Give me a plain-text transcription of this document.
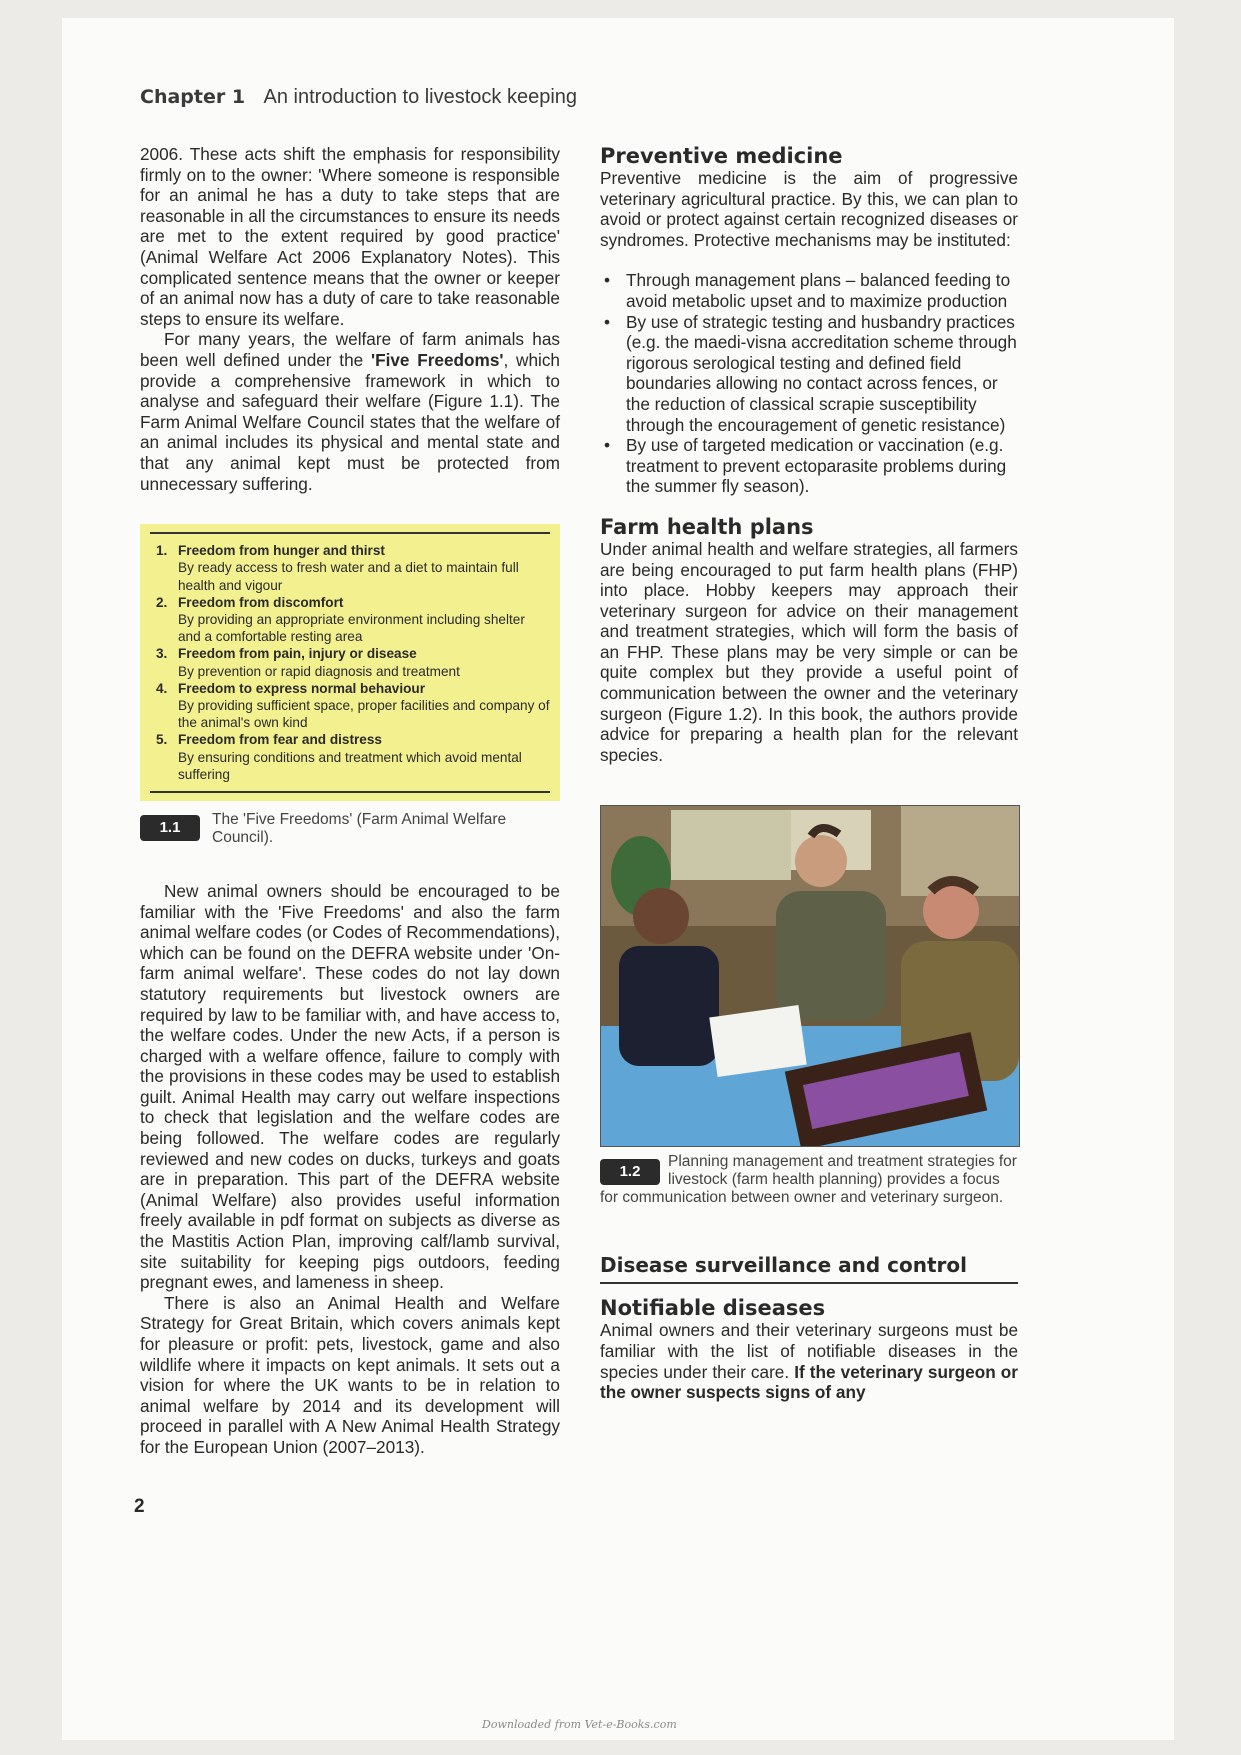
Chapter 1 An introduction to livestock keeping

2006. These acts shift the emphasis for responsibility firmly on to the owner: 'Where someone is responsible for an animal he has a duty to take steps that are reasonable in all the circumstances to ensure its needs are met to the extent required by good practice' (Animal Welfare Act 2006 Explanatory Notes). This complicated sentence means that the owner or keeper of an animal now has a duty of care to take reasonable steps to ensure its welfare.

For many years, the welfare of farm animals has been well defined under the 'Five Freedoms', which provide a comprehensive framework in which to analyse and safeguard their welfare (Figure 1.1). The Farm Animal Welfare Council states that the welfare of an animal includes its physical and mental state and that any animal kept must be protected from unnecessary suffering.

1. Freedom from hunger and thirst
By ready access to fresh water and a diet to maintain full health and vigour
2. Freedom from discomfort
By providing an appropriate environment including shelter and a comfortable resting area
3. Freedom from pain, injury or disease
By prevention or rapid diagnosis and treatment
4. Freedom to express normal behaviour
By providing sufficient space, proper facilities and company of the animal's own kind
5. Freedom from fear and distress
By ensuring conditions and treatment which avoid mental suffering
1.1	The 'Five Freedoms' (Farm Animal Welfare Council).

New animal owners should be encouraged to be familiar with the 'Five Freedoms' and also the farm animal welfare codes (or Codes of Recommendations), which can be found on the DEFRA website under 'On-farm animal welfare'. These codes do not lay down statutory requirements but livestock owners are required by law to be familiar with, and have access to, the welfare codes. Under the new Acts, if a person is charged with a welfare offence, failure to comply with the provisions in these codes may be used to establish guilt. Animal Health may carry out welfare inspections to check that legislation and the welfare codes are being followed. The welfare codes are regularly reviewed and new codes on ducks, turkeys and goats are in preparation. This part of the DEFRA website (Animal Welfare) also provides useful information freely available in pdf format on subjects as diverse as the Mastitis Action Plan, improving calf/lamb survival, site suitability for keeping pigs outdoors, feeding pregnant ewes, and lameness in sheep.

There is also an Animal Health and Welfare Strategy for Great Britain, which covers animals kept for pleasure or profit: pets, livestock, game and also wildlife where it impacts on kept animals. It sets out a vision for where the UK wants to be in relation to animal welfare by 2014 and its development will proceed in parallel with A New Animal Health Strategy for the European Union (2007–2013).

Preventive medicine

Preventive medicine is the aim of progressive veterinary agricultural practice. By this, we can plan to avoid or protect against certain recognized diseases or syndromes. Protective mechanisms may be instituted:

• Through management plans – balanced feeding to avoid metabolic upset and to maximize production
• By use of strategic testing and husbandry practices (e.g. the maedi-visna accreditation scheme through rigorous serological testing and defined field boundaries allowing no contact across fences, or the reduction of classical scrapie susceptibility through the encouragement of genetic resistance)
• By use of targeted medication or vaccination (e.g. treatment to prevent ectoparasite problems during the summer fly season).
Farm health plans

Under animal health and welfare strategies, all farmers are being encouraged to put farm health plans (FHP) into place. Hobby keepers may approach their veterinary surgeon for advice on their management and treatment strategies, which will form the basis of an FHP. These plans may be very simple or can be quite complex but they provide a useful point of communication between the owner and the veterinary surgeon (Figure 1.2). In this book, the authors provide advice for preparing a health plan for the relevant species.

1.2
Planning management and treatment strategies for livestock (farm health planning) provides a focus for communication between owner and veterinary surgeon.
Disease surveillance and control
Notifiable diseases

Animal owners and their veterinary surgeons must be familiar with the list of notifiable diseases in the species under their care. If the veterinary surgeon or the owner suspects signs of any

2
Downloaded from Vet-e-Books.com
